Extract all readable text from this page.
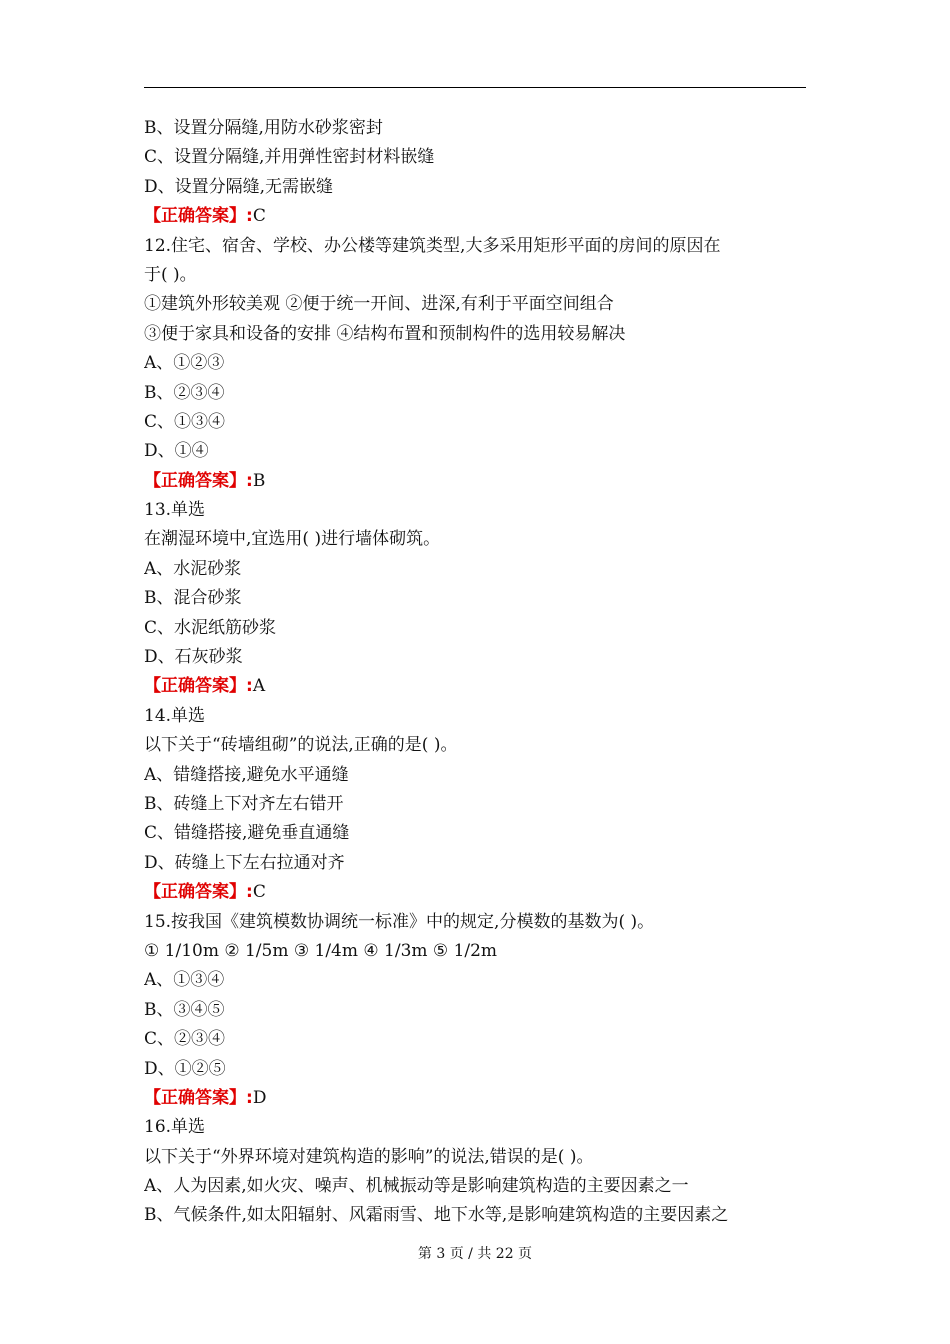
B、设置分隔缝,用防水砂浆密封
C、设置分隔缝,并用弹性密封材料嵌缝
D、设置分隔缝,无需嵌缝
【正确答案】:C
12.住宅、宿舍、学校、办公楼等建筑类型,大多采用矩形平面的房间的原因在
于( )。
①建筑外形较美观 ②便于统一开间、进深,有利于平面空间组合
③便于家具和设备的安排 ④结构布置和预制构件的选用较易解决
A、①②③
B、②③④
C、①③④
D、①④
【正确答案】:B
13.单选
在潮湿环境中,宜选用( )进行墙体砌筑。
A、水泥砂浆
B、混合砂浆
C、水泥纸筋砂浆
D、石灰砂浆
【正确答案】:A
14.单选
以下关于“砖墙组砌”的说法,正确的是( )。
A、错缝搭接,避免水平通缝
B、砖缝上下对齐左右错开
C、错缝搭接,避免垂直通缝
D、砖缝上下左右拉通对齐
【正确答案】:C
15.按我国《建筑模数协调统一标准》中的规定,分模数的基数为( )。
① 1/10m ② 1/5m ③ 1/4m ④ 1/3m ⑤ 1/2m
A、①③④
B、③④⑤
C、②③④
D、①②⑤
【正确答案】:D
16.单选
以下关于“外界环境对建筑构造的影响”的说法,错误的是( )。
A、人为因素,如火灾、噪声、机械振动等是影响建筑构造的主要因素之一
B、气候条件,如太阳辐射、风霜雨雪、地下水等,是影响建筑构造的主要因素之
第 3 页 / 共 22 页
